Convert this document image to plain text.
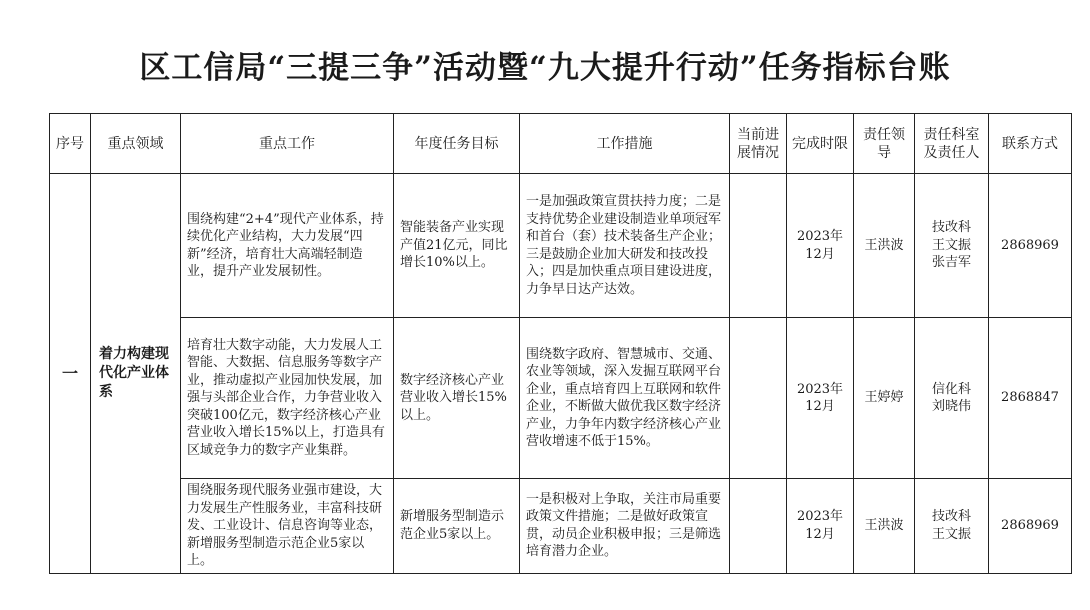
区工信局“三提三争”活动暨“九大提升行动”任务指标台账
序号	重点领域	重点工作	年度任务目标	工作措施	当前进展情况	完成时限	责任领导	责任科室及责任人	联系方式
一	着力构建现代化产业体系	围绕构建“2+4”现代产业体系，持续优化产业结构，大力发展“四新”经济，培育壮大高端轻制造业，提升产业发展韧性。	智能装备产业实现产值21亿元，同比增长10%以上。	一是加强政策宣贯扶持力度；二是支持优势企业建设制造业单项冠军和首台（套）技术装备生产企业；三是鼓励企业加大研发和技改投入；四是加快重点项目建设进度，力争早日达产达效。		2023年12月	王洪波	技改科
王文振
张吉军	2868969
		培育壮大数字动能，大力发展人工智能、大数据、信息服务等数字产业，推动虚拟产业园加快发展，加强与头部企业合作，力争营业收入突破100亿元，数字经济核心产业营业收入增长15%以上，打造具有区域竞争力的数字产业集群。	数字经济核心产业营业收入增长15%以上。	围绕数字政府、智慧城市、交通、农业等领域，深入发掘互联网平台企业，重点培育四上互联网和软件企业，不断做大做优我区数字经济产业，力争年内数字经济核心产业营收增速不低于15%。		2023年12月	王婷婷	信化科
刘晓伟	2868847
		围绕服务现代服务业强市建设，大力发展生产性服务业，丰富科技研发、工业设计、信息咨询等业态，新增服务型制造示范企业5家以上。	新增服务型制造示范企业5家以上。	一是积极对上争取，关注市局重要政策文件措施；二是做好政策宣贯，动员企业积极申报；三是筛选培育潜力企业。		2023年12月	王洪波	技改科
王文振	2868969
